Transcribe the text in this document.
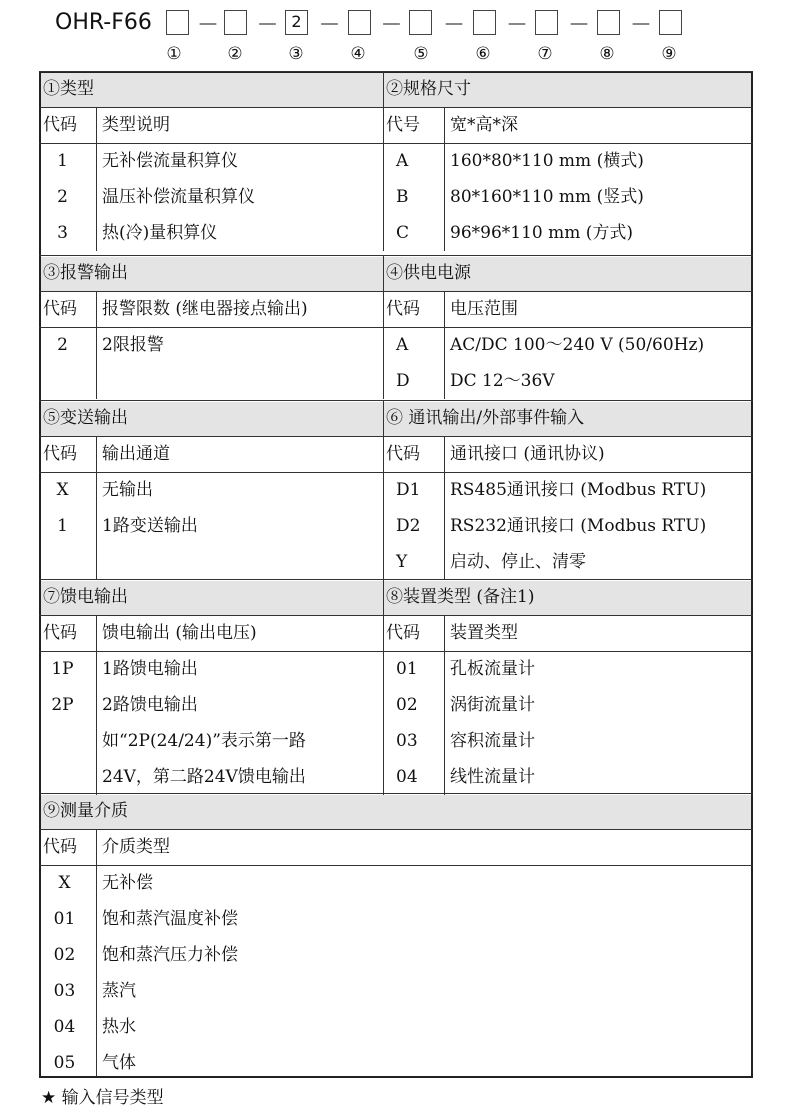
OHR-F66 －
①
－
②
2 －
③
－
④
－
⑤
－
⑥
－
⑦
－
⑧	⑨
①类型
代码 类型说明
1	无补偿流量积算仪
2	温压补偿流量积算仪
3	热(冷)量积算仪
②规格尺寸
代号 宽*高*深
A 160*80*110 mm (横式)
B 80*160*110 mm (竖式)
C 96*96*110 mm (方式)
③报警输出
代码 报警限数 (继电器接点输出)
2	2限报警
④供电电源
代码 电压范围
A AC/DC 100～240 V (50/60Hz)
D DC 12～36V
⑤变送输出
代码 输出通道
X	无输出
1	1路变送输出
⑥ 通讯输出/外部事件输入
代码 通讯接口 (通讯协议)
D1 RS485通讯接口 (Modbus RTU)
D2 RS232通讯接口 (Modbus RTU)
Y	启动、停止、清零
⑦馈电输出
代码 馈电输出 (输出电压)
1P	1路馈电输出
2P	2路馈电输出
如“2P(24/24)”表示第一路
24V，第二路24V馈电输出
⑧装置类型 (备注1)
代码 装置类型
01 孔板流量计
02 涡街流量计
03 容积流量计
04 线性流量计
⑨测量介质
代码 介质类型
X	无补偿
01	饱和蒸汽温度补偿
02	饱和蒸汽压力补偿
03	蒸汽
04	热水
05	气体
★ 输入信号类型
